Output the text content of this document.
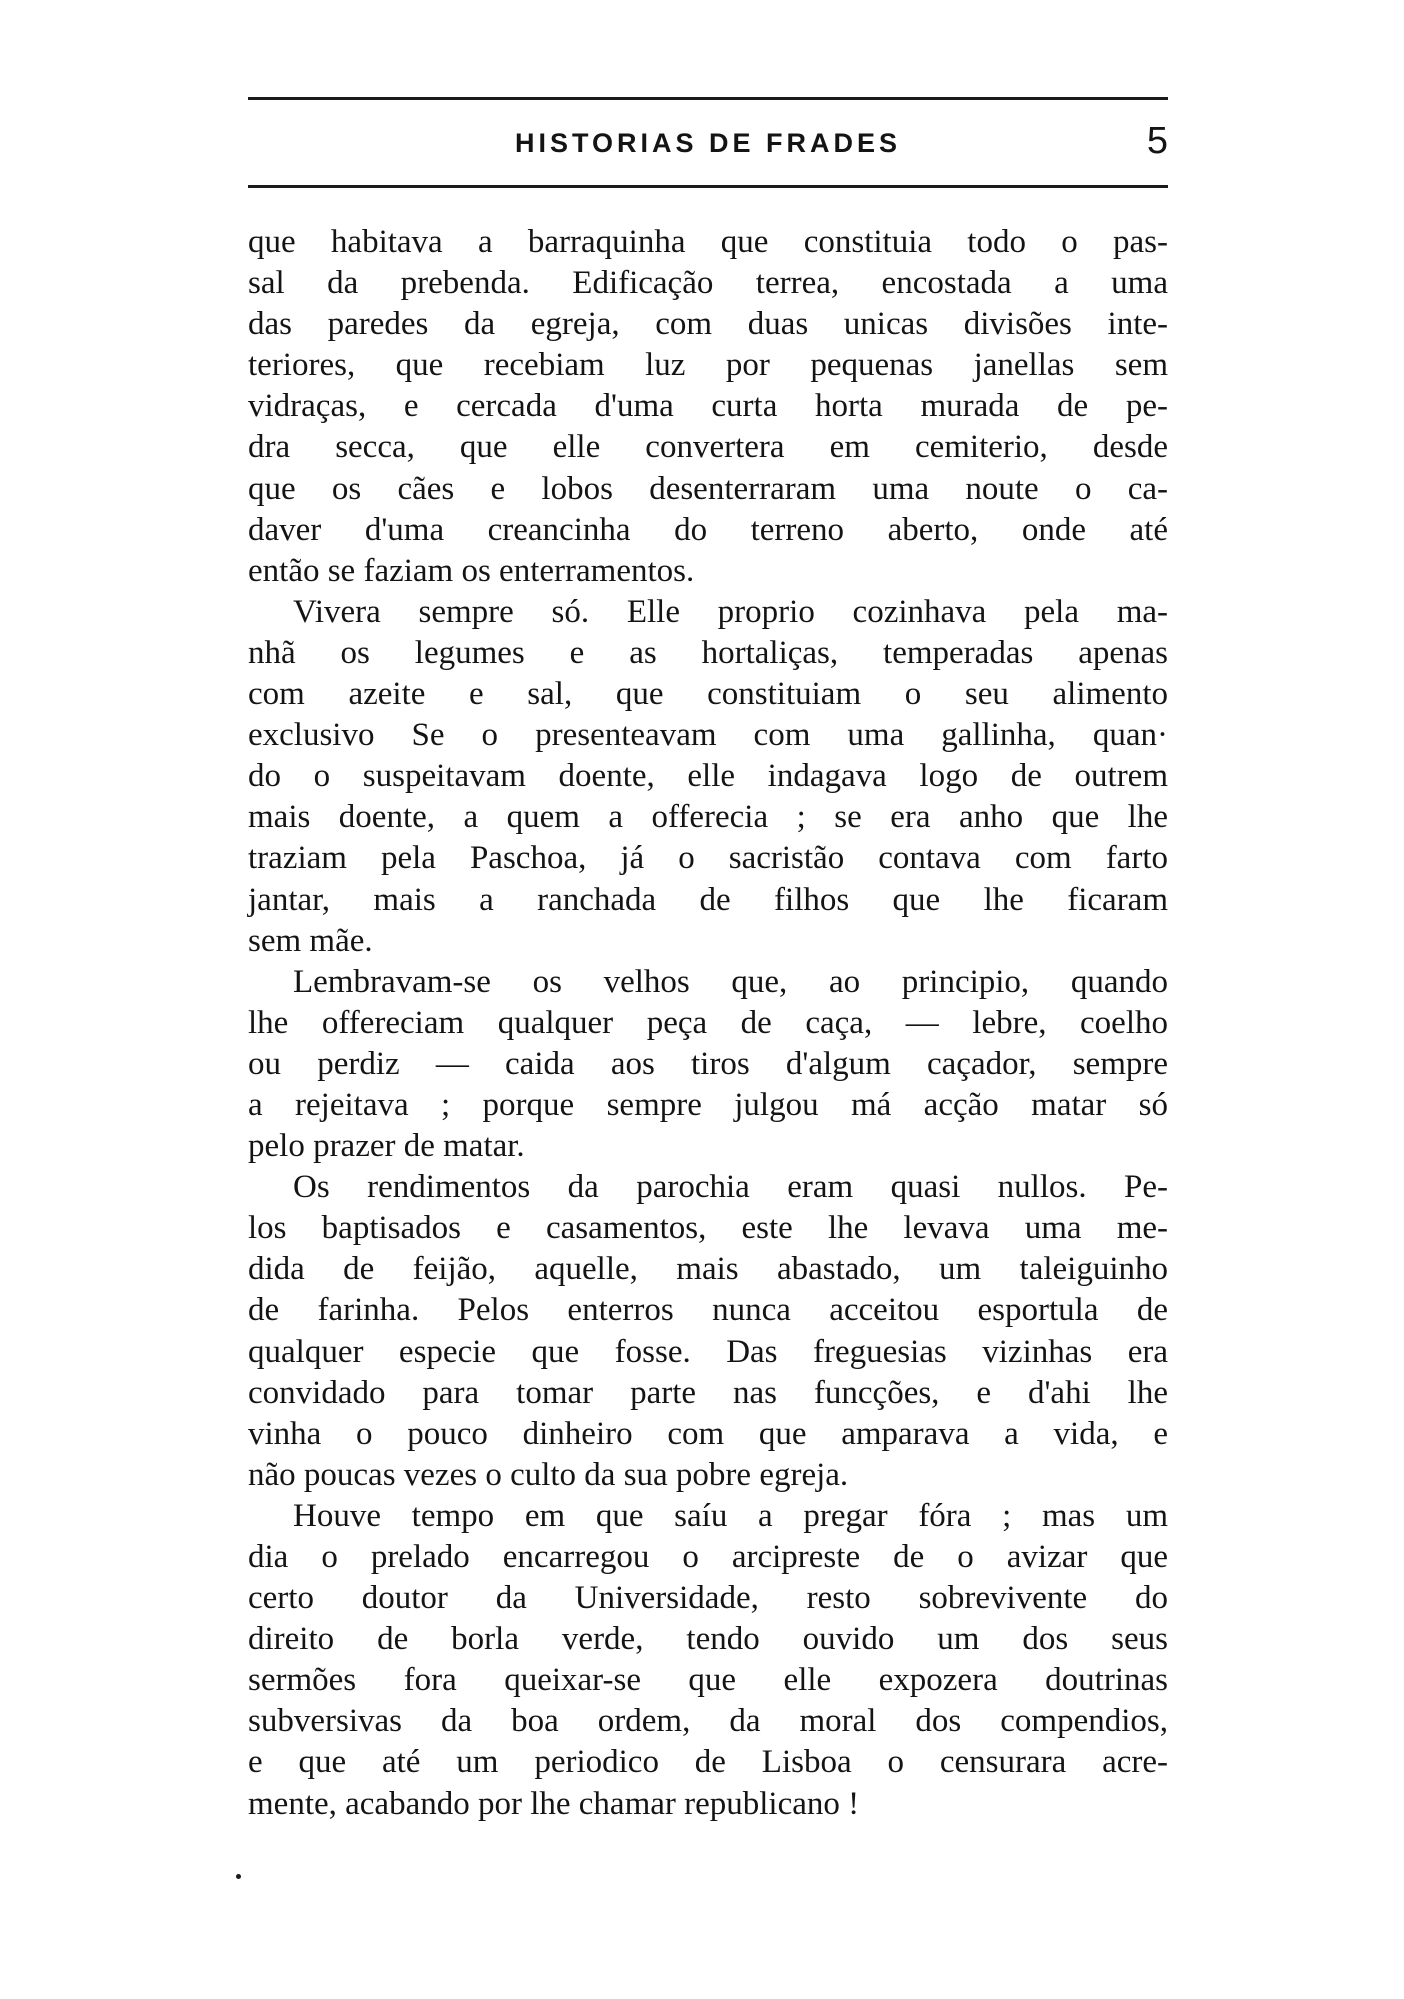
HISTORIAS DE FRADES	5
que habitava a barraquinha que constituia todo o pas-
sal da prebenda. Edificação terrea, encostada a uma
das paredes da egreja, com duas unicas divisões inte-
teriores, que recebiam luz por pequenas janellas sem
vidraças, e cercada d'uma curta horta murada de pe-
dra secca, que elle convertera em cemiterio, desde
que os cães e lobos desenterraram uma noute o ca-
daver d'uma creancinha do terreno aberto, onde até
então se faziam os enterramentos.
Vivera sempre só. Elle proprio cozinhava pela ma-
nhã os legumes e as hortaliças, temperadas apenas
com azeite e sal, que constituiam o seu alimento
exclusivo Se o presenteavam com uma gallinha, quan·
do o suspeitavam doente, elle indagava logo de outrem
mais doente, a quem a offerecia ; se era anho que lhe
traziam pela Paschoa, já o sacristão contava com farto
jantar, mais a ranchada de filhos que lhe ficaram
sem mãe.
Lembravam-se os velhos que, ao principio, quando
lhe offereciam qualquer peça de caça, — lebre, coelho
ou perdiz — caida aos tiros d'algum caçador, sempre
a rejeitava ; porque sempre julgou má acção matar só
pelo prazer de matar.
Os rendimentos da parochia eram quasi nullos. Pe-
los baptisados e casamentos, este lhe levava uma me-
dida de feijão, aquelle, mais abastado, um taleiguinho
de farinha. Pelos enterros nunca acceitou esportula de
qualquer especie que fosse. Das freguesias vizinhas era
convidado para tomar parte nas funcções, e d'ahi lhe
vinha o pouco dinheiro com que amparava a vida, e
não poucas vezes o culto da sua pobre egreja.
Houve tempo em que saíu a pregar fóra ; mas um
dia o prelado encarregou o arcipreste de o avizar que
certo doutor da Universidade, resto sobrevivente do
direito de borla verde, tendo ouvido um dos seus
sermões fora queixar-se que elle expozera doutrinas
subversivas da boa ordem, da moral dos compendios,
e que até um periodico de Lisboa o censurara acre-
mente, acabando por lhe chamar republicano !
